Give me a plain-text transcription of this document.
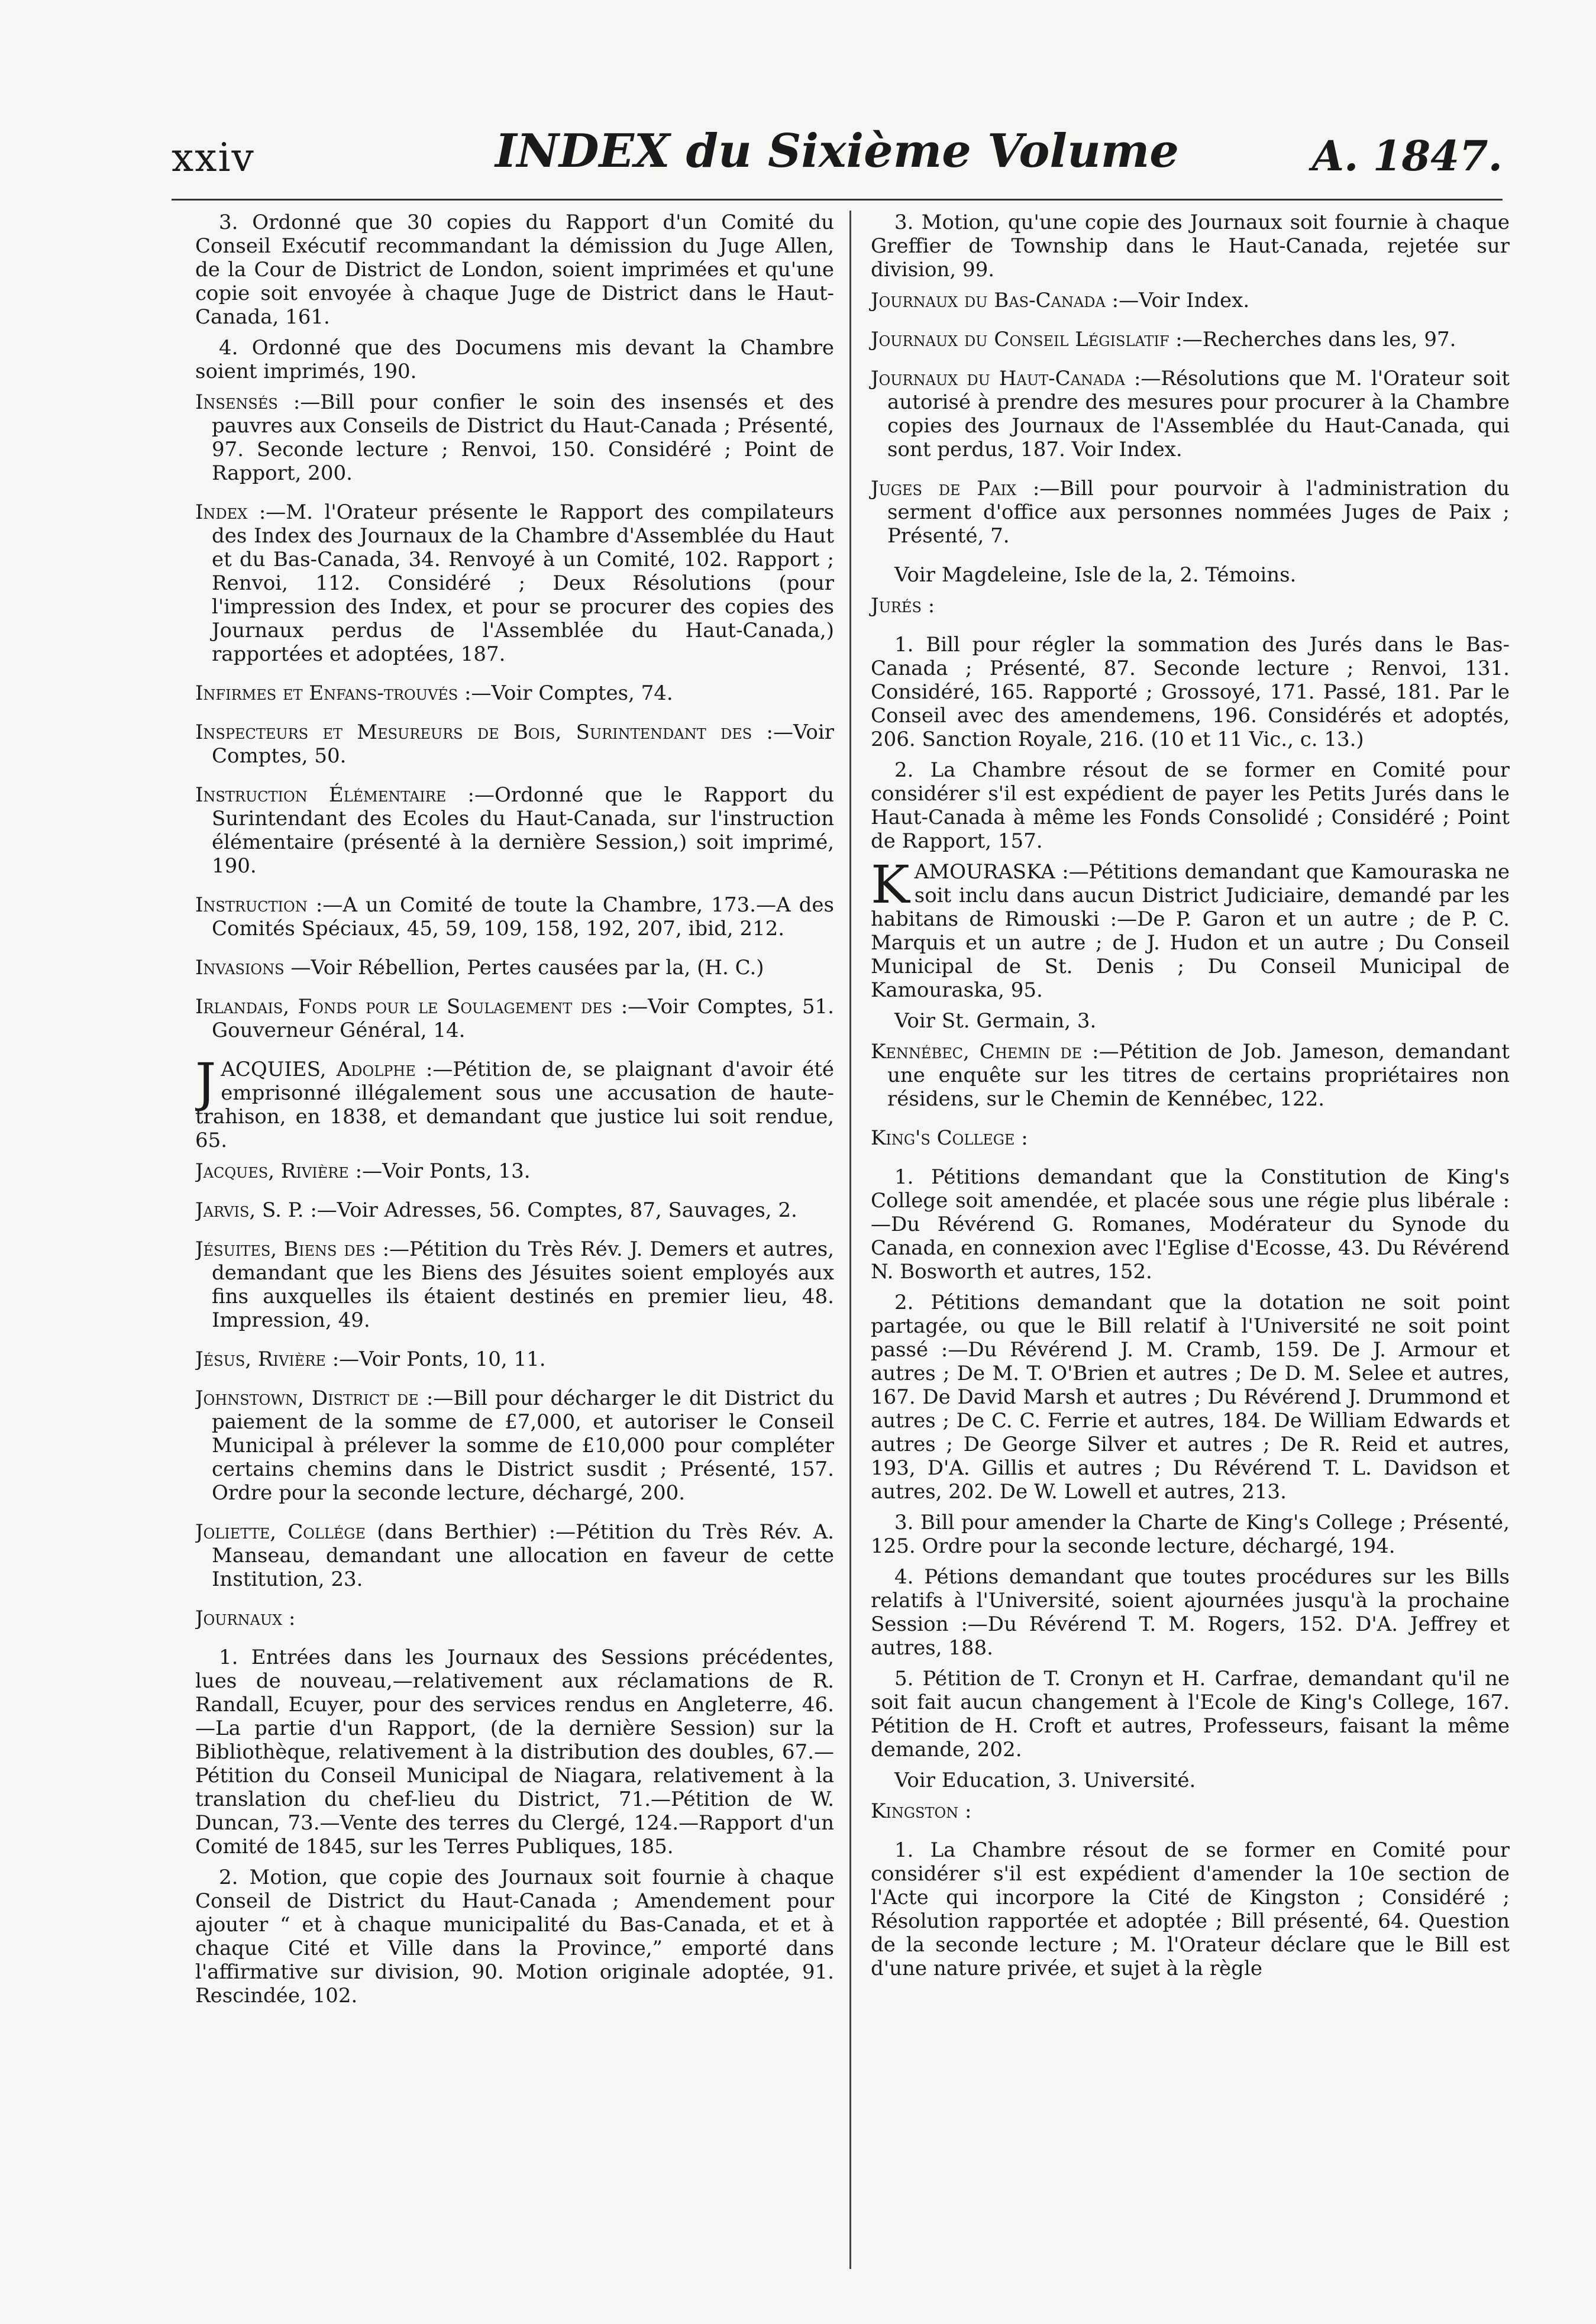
xxiv	INDEX du Sixième Volume	A. 1847.

3. Ordonné que 30 copies du Rapport d'un Comité du Conseil Exécutif recommandant la démission du Juge Allen, de la Cour de District de London, soient imprimées et qu'une copie soit envoyée à chaque Juge de District dans le Haut-Canada, 161.

4. Ordonné que des Documens mis devant la Chambre soient imprimés, 190.

Insensés :—Bill pour confier le soin des insensés et des pauvres aux Conseils de District du Haut-Canada ; Présenté, 97. Seconde lecture ; Renvoi, 150. Considéré ; Point de Rapport, 200.

Index :—M. l'Orateur présente le Rapport des compilateurs des Index des Journaux de la Chambre d'Assemblée du Haut et du Bas-Canada, 34. Renvoyé à un Comité, 102. Rapport ; Renvoi, 112. Considéré ; Deux Résolutions (pour l'impression des Index, et pour se procurer des copies des Journaux perdus de l'Assemblée du Haut-Canada,) rapportées et adoptées, 187.

Infirmes et Enfans-trouvés :—Voir Comptes, 74.

Inspecteurs et Mesureurs de Bois, Surintendant des :—Voir Comptes, 50.

Instruction Élémentaire :—Ordonné que le Rapport du Surintendant des Ecoles du Haut-Canada, sur l'instruction élémentaire (présenté à la dernière Session,) soit imprimé, 190.

Instruction :—A un Comité de toute la Chambre, 173.—A des Comités Spéciaux, 45, 59, 109, 158, 192, 207, ibid, 212.

Invasions —Voir Rébellion, Pertes causées par la, (H. C.)

Irlandais, Fonds pour le Soulagement des :—Voir Comptes, 51. Gouverneur Général, 14.

JACQUIES, Adolphe :—Pétition de, se plaignant d'avoir été emprisonné illégalement sous une accusation de haute-trahison, en 1838, et demandant que justice lui soit rendue, 65.

Jacques, Rivière :—Voir Ponts, 13.

Jarvis, S. P. :—Voir Adresses, 56. Comptes, 87, Sauvages, 2.

Jésuites, Biens des :—Pétition du Très Rév. J. Demers et autres, demandant que les Biens des Jésuites soient employés aux fins auxquelles ils étaient destinés en premier lieu, 48. Impression, 49.

Jésus, Rivière :—Voir Ponts, 10, 11.

Johnstown, District de :—Bill pour décharger le dit District du paiement de la somme de £7,000, et autoriser le Conseil Municipal à prélever la somme de £10,000 pour compléter certains chemins dans le District susdit ; Présenté, 157. Ordre pour la seconde lecture, déchargé, 200.

Joliette, Collége (dans Berthier) :—Pétition du Très Rév. A. Manseau, demandant une allocation en faveur de cette Institution, 23.

Journaux :

1. Entrées dans les Journaux des Sessions précédentes, lues de nouveau,—relativement aux réclamations de R. Randall, Ecuyer, pour des services rendus en Angleterre, 46.—La partie d'un Rapport, (de la dernière Session) sur la Bibliothèque, relativement à la distribution des doubles, 67.—Pétition du Conseil Municipal de Niagara, relativement à la translation du chef-lieu du District, 71.—Pétition de W. Duncan, 73.—Vente des terres du Clergé, 124.—Rapport d'un Comité de 1845, sur les Terres Publiques, 185.

2. Motion, que copie des Journaux soit fournie à chaque Conseil de District du Haut-Canada ; Amendement pour ajouter “ et à chaque municipalité du Bas-Canada, et et à chaque Cité et Ville dans la Province,” emporté dans l'affirmative sur division, 90. Motion originale adoptée, 91. Rescindée, 102.

3. Motion, qu'une copie des Journaux soit fournie à chaque Greffier de Township dans le Haut-Canada, rejetée sur division, 99.

Journaux du Bas-Canada :—Voir Index.

Journaux du Conseil Législatif :—Recherches dans les, 97.

Journaux du Haut-Canada :—Résolutions que M. l'Orateur soit autorisé à prendre des mesures pour procurer à la Chambre copies des Journaux de l'Assemblée du Haut-Canada, qui sont perdus, 187. Voir Index.

Juges de Paix :—Bill pour pourvoir à l'administration du serment d'office aux personnes nommées Juges de Paix ; Présenté, 7.

Voir Magdeleine, Isle de la, 2. Témoins.

Jurés :

1. Bill pour régler la sommation des Jurés dans le Bas-Canada ; Présenté, 87. Seconde lecture ; Renvoi, 131. Considéré, 165. Rapporté ; Grossoyé, 171. Passé, 181. Par le Conseil avec des amendemens, 196. Considérés et adoptés, 206. Sanction Royale, 216. (10 et 11 Vic., c. 13.)

2. La Chambre résout de se former en Comité pour considérer s'il est expédient de payer les Petits Jurés dans le Haut-Canada à même les Fonds Consolidé ; Considéré ; Point de Rapport, 157.

KAMOURASKA :—Pétitions demandant que Kamouraska ne soit inclu dans aucun District Judiciaire, demandé par les habitans de Rimouski :—De P. Garon et un autre ; de P. C. Marquis et un autre ; de J. Hudon et un autre ; Du Conseil Municipal de St. Denis ; Du Conseil Municipal de Kamouraska, 95.

Voir St. Germain, 3.

Kennébec, Chemin de :—Pétition de Job. Jameson, demandant une enquête sur les titres de certains propriétaires non résidens, sur le Chemin de Kennébec, 122.

King's College :

1. Pétitions demandant que la Constitution de King's College soit amendée, et placée sous une régie plus libérale :—Du Révérend G. Romanes, Modérateur du Synode du Canada, en connexion avec l'Eglise d'Ecosse, 43. Du Révérend N. Bosworth et autres, 152.

2. Pétitions demandant que la dotation ne soit point partagée, ou que le Bill relatif à l'Université ne soit point passé :—Du Révérend J. M. Cramb, 159. De J. Armour et autres ; De M. T. O'Brien et autres ; De D. M. Selee et autres, 167. De David Marsh et autres ; Du Révérend J. Drummond et autres ; De C. C. Ferrie et autres, 184. De William Edwards et autres ; De George Silver et autres ; De R. Reid et autres, 193, D'A. Gillis et autres ; Du Révérend T. L. Davidson et autres, 202. De W. Lowell et autres, 213.

3. Bill pour amender la Charte de King's College ; Présenté, 125. Ordre pour la seconde lecture, déchargé, 194.

4. Pétions demandant que toutes procédures sur les Bills relatifs à l'Université, soient ajournées jusqu'à la prochaine Session :—Du Révérend T. M. Rogers, 152. D'A. Jeffrey et autres, 188.

5. Pétition de T. Cronyn et H. Carfrae, demandant qu'il ne soit fait aucun changement à l'Ecole de King's College, 167. Pétition de H. Croft et autres, Professeurs, faisant la même demande, 202.

Voir Education, 3. Université.

Kingston :

1. La Chambre résout de se former en Comité pour considérer s'il est expédient d'amender la 10e section de l'Acte qui incorpore la Cité de Kingston ; Considéré ; Résolution rapportée et adoptée ; Bill présenté, 64. Question de la seconde lecture ; M. l'Orateur déclare que le Bill est d'une nature privée, et sujet à la règle
